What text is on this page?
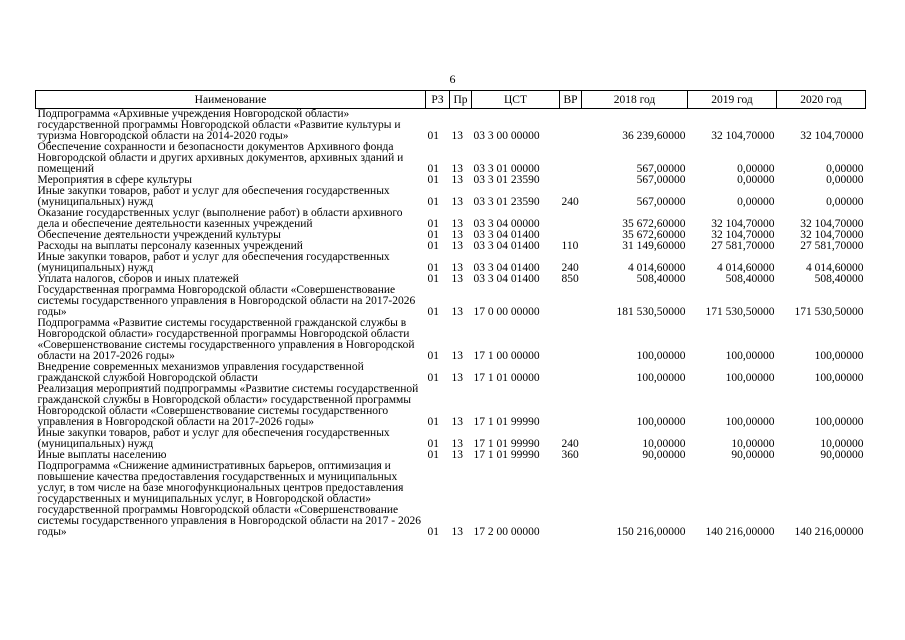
6
Наименование	РЗ	Пр	ЦСТ	ВР	2018 год	2019 год	2020 год
Подпрограмма «Архивные учреждения Новгородской области» государственной программы Новгородской области «Развитие культуры и туризма Новгородской области на 2014-2020 годы»	01	13	03 3 00 00000		36 239,60000	32 104,70000	32 104,70000
Обеспечение сохранности и безопасности документов Архивного фонда Новгородской области и других архивных документов, архивных зданий и помещений	01	13	03 3 01 00000		567,00000	0,00000	0,00000
Мероприятия в сфере культуры	01	13	03 3 01 23590		567,00000	0,00000	0,00000
Иные закупки товаров, работ и услуг для обеспечения государственных (муниципальных) нужд	01	13	03 3 01 23590	240	567,00000	0,00000	0,00000
Оказание государственных услуг (выполнение работ) в области архивного дела и обеспечение деятельности казенных учреждений	01	13	03 3 04 00000		35 672,60000	32 104,70000	32 104,70000
Обеспечение деятельности учреждений культуры	01	13	03 3 04 01400		35 672,60000	32 104,70000	32 104,70000
Расходы на выплаты персоналу казенных учреждений	01	13	03 3 04 01400	110	31 149,60000	27 581,70000	27 581,70000
Иные закупки товаров, работ и услуг для обеспечения государственных (муниципальных) нужд	01	13	03 3 04 01400	240	4 014,60000	4 014,60000	4 014,60000
Уплата налогов, сборов и иных платежей	01	13	03 3 04 01400	850	508,40000	508,40000	508,40000
Государственная программа Новгородской области «Совершенствование системы государственного управления в Новгородской области на 2017-2026 годы»	01	13	17 0 00 00000		181 530,50000	171 530,50000	171 530,50000
Подпрограмма «Развитие системы государственной гражданской службы в Новгородской области» государственной программы Новгородской области «Совершенствование системы государственного управления в Новгородской области на 2017-2026 годы»	01	13	17 1 00 00000		100,00000	100,00000	100,00000
Внедрение современных механизмов управления государственной гражданской службой Новгородской области	01	13	17 1 01 00000		100,00000	100,00000	100,00000
Реализация мероприятий подпрограммы «Развитие системы государственной гражданской службы в Новгородской области» государственной программы Новгородской области «Совершенствование системы государственного управления в Новгородской области на 2017-2026 годы»	01	13	17 1 01 99990		100,00000	100,00000	100,00000
Иные закупки товаров, работ и услуг для обеспечения государственных (муниципальных) нужд	01	13	17 1 01 99990	240	10,00000	10,00000	10,00000
Иные выплаты населению	01	13	17 1 01 99990	360	90,00000	90,00000	90,00000
Подпрограмма «Снижение административных барьеров, оптимизация и повышение качества предоставления государственных и муниципальных услуг, в том числе на базе многофункциональных центров предоставления государственных и муниципальных услуг, в Новгородской области» государственной программы Новгородской области «Совершенствование системы государственного управления в Новгородской области на 2017 - 2026 годы»	01	13	17 2 00 00000		150 216,00000	140 216,00000	140 216,00000
